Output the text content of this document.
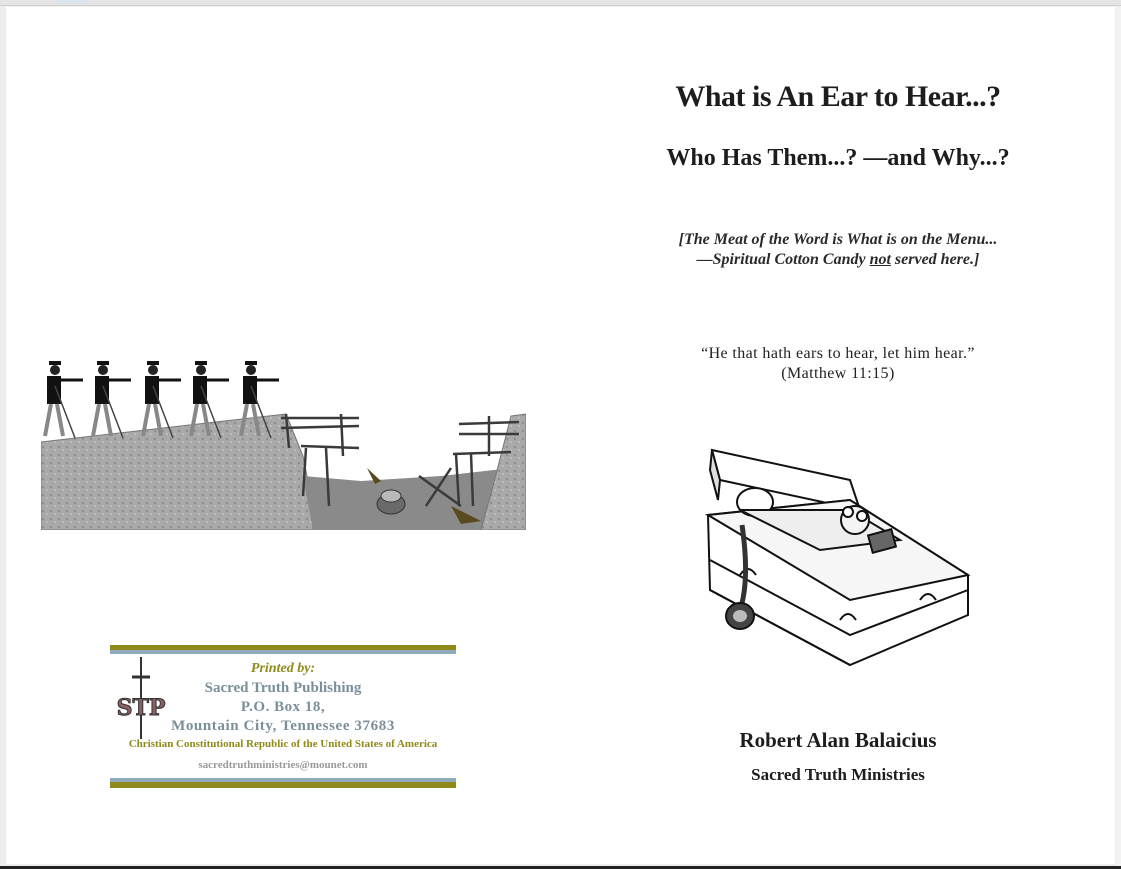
STP
Printed by:
Sacred Truth Publishing
P.O. Box 18,
Mountain City, Tennessee 37683
Christian Constitutional Republic of the United States of America
sacredtruthministries@mounet.com
What is An Ear to Hear...?
Who Has Them...? —and Why...?
[The Meat of the Word is What is on the Menu...
—Spiritual Cotton Candy not served here.]
“He that hath ears to hear, let him hear.”
(Matthew 11:15)
Robert Alan Balaicius
Sacred Truth Ministries
